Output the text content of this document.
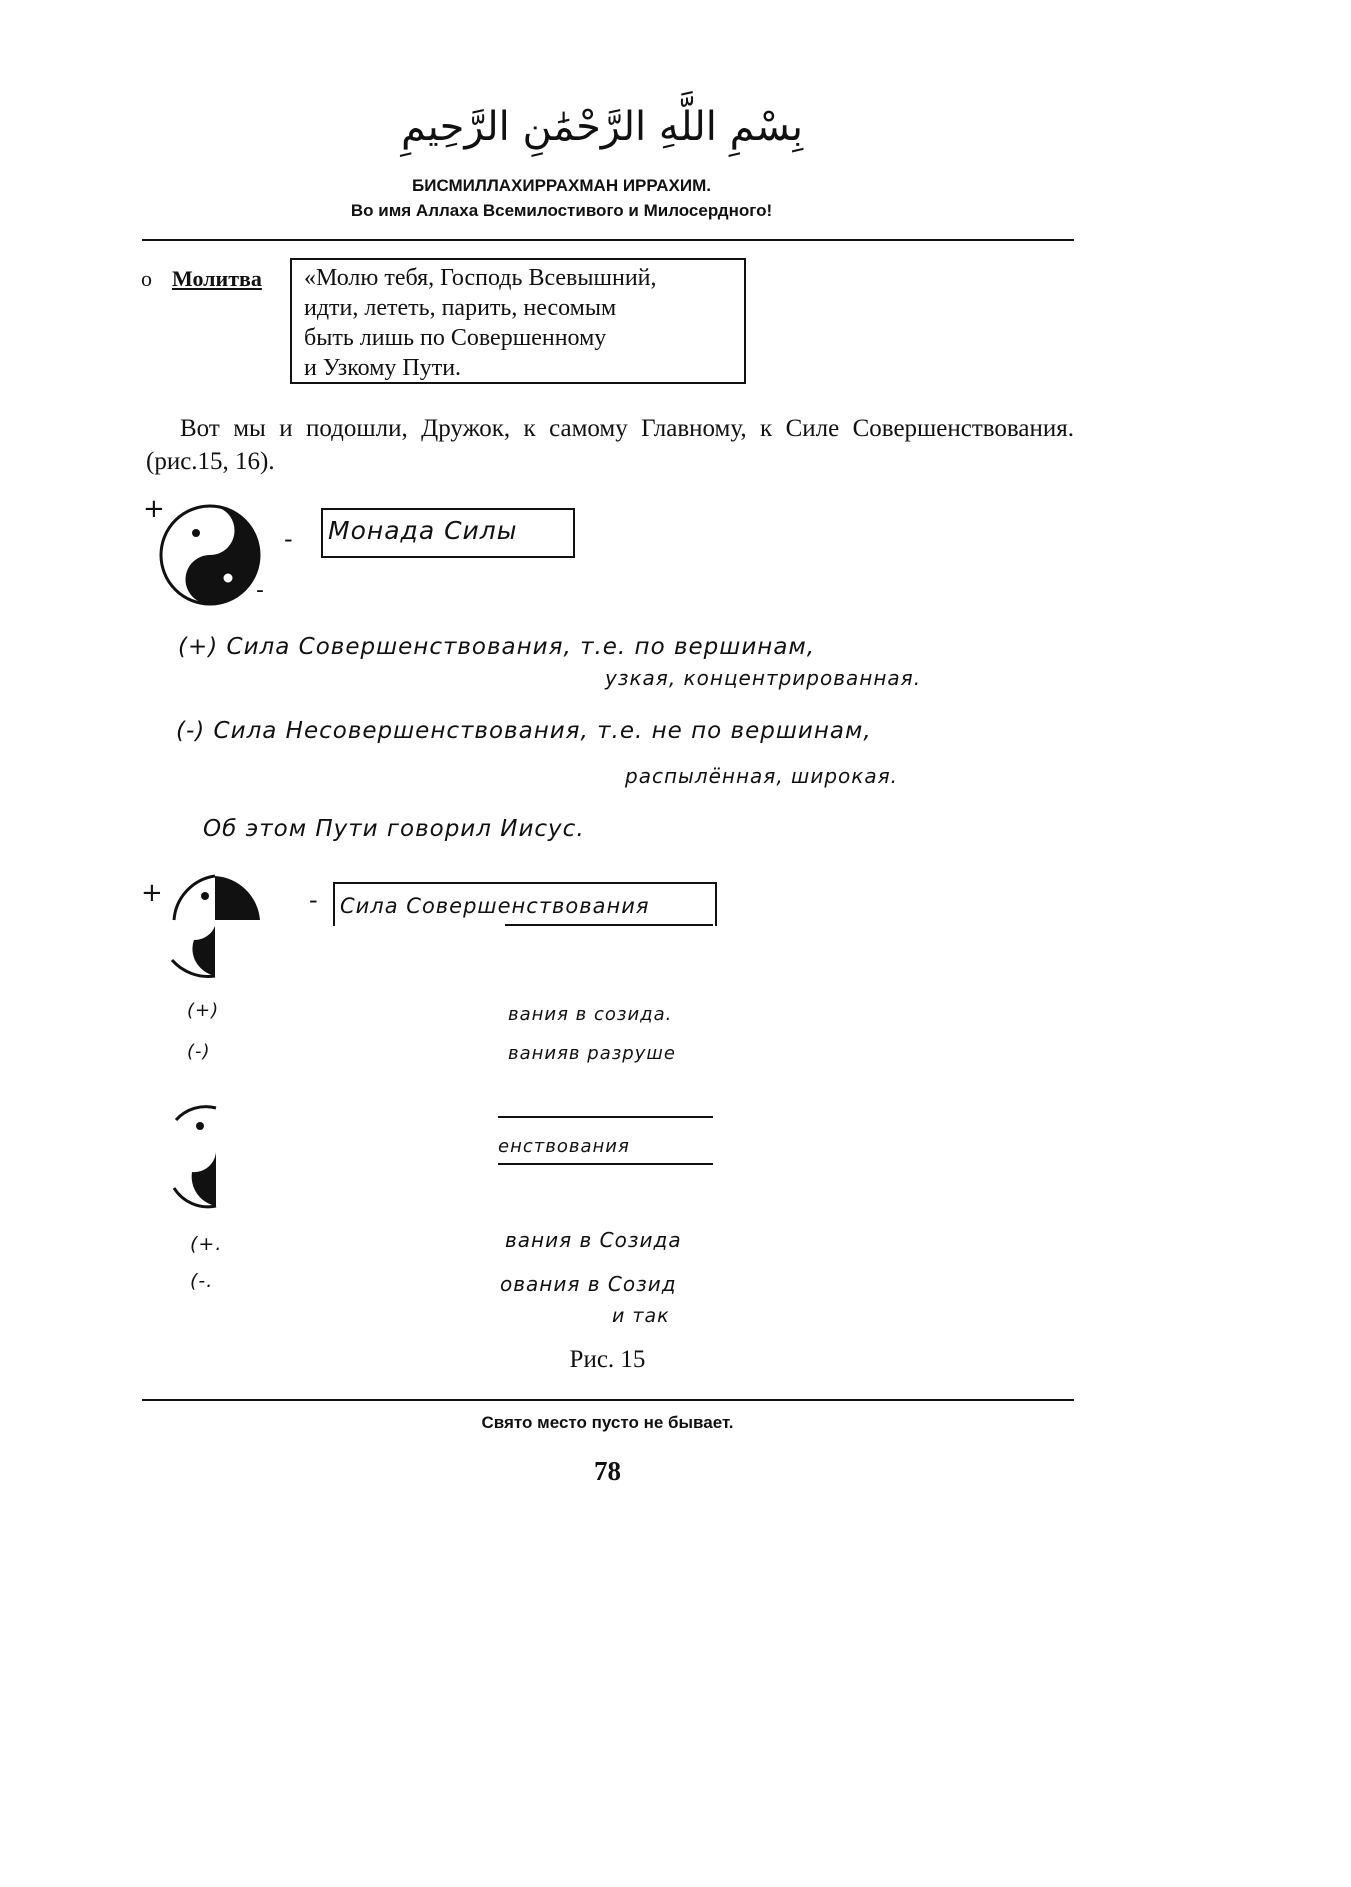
بِسْمِ اللَّهِ الرَّحْمَٰنِ الرَّحِيمِ
БИСМИЛЛАХИРРАХМАН ИРРАХИМ.
Во имя Аллаха Всемилостивого и Милосердного!
о Молитва «Молю тебя, Господь Всевышний,
идти, лететь, парить, несомым
быть лишь по Совершенному
и Узкому Пути.
Вот мы и подошли, Дружок, к самому Главному, к Силе Совершенствования. (рис.15, 16).
+
-
- Монада Силы
(+) Сила Совершенствования, т.е. по вершинам,
узкая, концентрированная.
(-) Сила Несовершенствования, т.е. не по вершинам,
распылённая, широкая.
Об этом Пути говорил Иисус.
+	- Сила Совершенствования
(+)
(-)
вания в созида.
ванияв разруше
енствования
(+.
(-.
вания в Созида
ования в Созид
и так
Рис. 15
Свято место пусто не бывает.
78
